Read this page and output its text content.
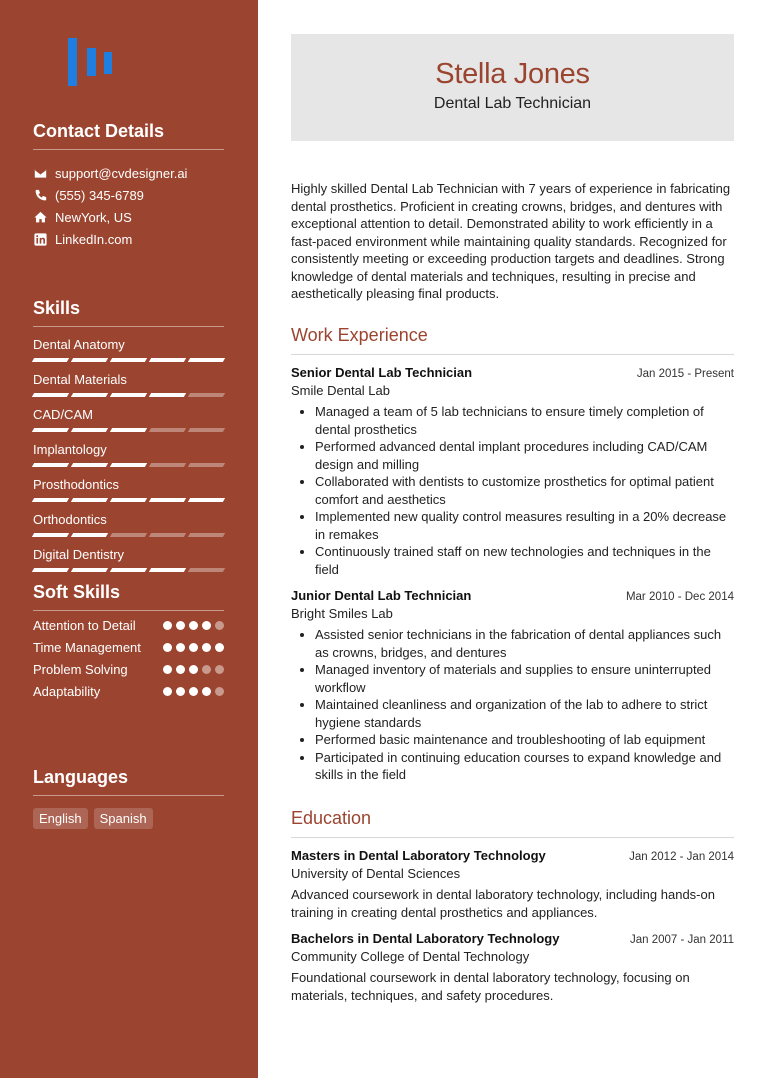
Contact Details
support@cvdesigner.ai
(555) 345-6789
NewYork, US
LinkedIn.com
Skills
Dental Anatomy
Dental Materials
CAD/CAM
Implantology
Prosthodontics
Orthodontics
Digital Dentistry
Soft Skills
Attention to Detail
Time Management
Problem Solving
Adaptability
Languages
English	Spanish
Stella Jones
Dental Lab Technician

Highly skilled Dental Lab Technician with 7 years of experience in fabricating dental prosthetics. Proficient in creating crowns, bridges, and dentures with exceptional attention to detail. Demonstrated ability to work efficiently in a fast-paced environment while maintaining quality standards. Recognized for consistently meeting or exceeding production targets and deadlines. Strong knowledge of dental materials and techniques, resulting in precise and aesthetically pleasing final products.

Work Experience
Senior Dental Lab Technician	Jan 2015 - Present
Smile Dental Lab
• Managed a team of 5 lab technicians to ensure timely completion of dental prosthetics
• Performed advanced dental implant procedures including CAD/CAM design and milling
• Collaborated with dentists to customize prosthetics for optimal patient comfort and aesthetics
• Implemented new quality control measures resulting in a 20% decrease in remakes
• Continuously trained staff on new technologies and techniques in the field
Junior Dental Lab Technician	Mar 2010 - Dec 2014
Bright Smiles Lab
• Assisted senior technicians in the fabrication of dental appliances such as crowns, bridges, and dentures
• Managed inventory of materials and supplies to ensure uninterrupted workflow
• Maintained cleanliness and organization of the lab to adhere to strict hygiene standards
• Performed basic maintenance and troubleshooting of lab equipment
• Participated in continuing education courses to expand knowledge and skills in the field
Education
Masters in Dental Laboratory Technology	Jan 2012 - Jan 2014
University of Dental Sciences

Advanced coursework in dental laboratory technology, including hands-on training in creating dental prosthetics and appliances.

Bachelors in Dental Laboratory Technology	Jan 2007 - Jan 2011
Community College of Dental Technology

Foundational coursework in dental laboratory technology, focusing on materials, techniques, and safety procedures.
